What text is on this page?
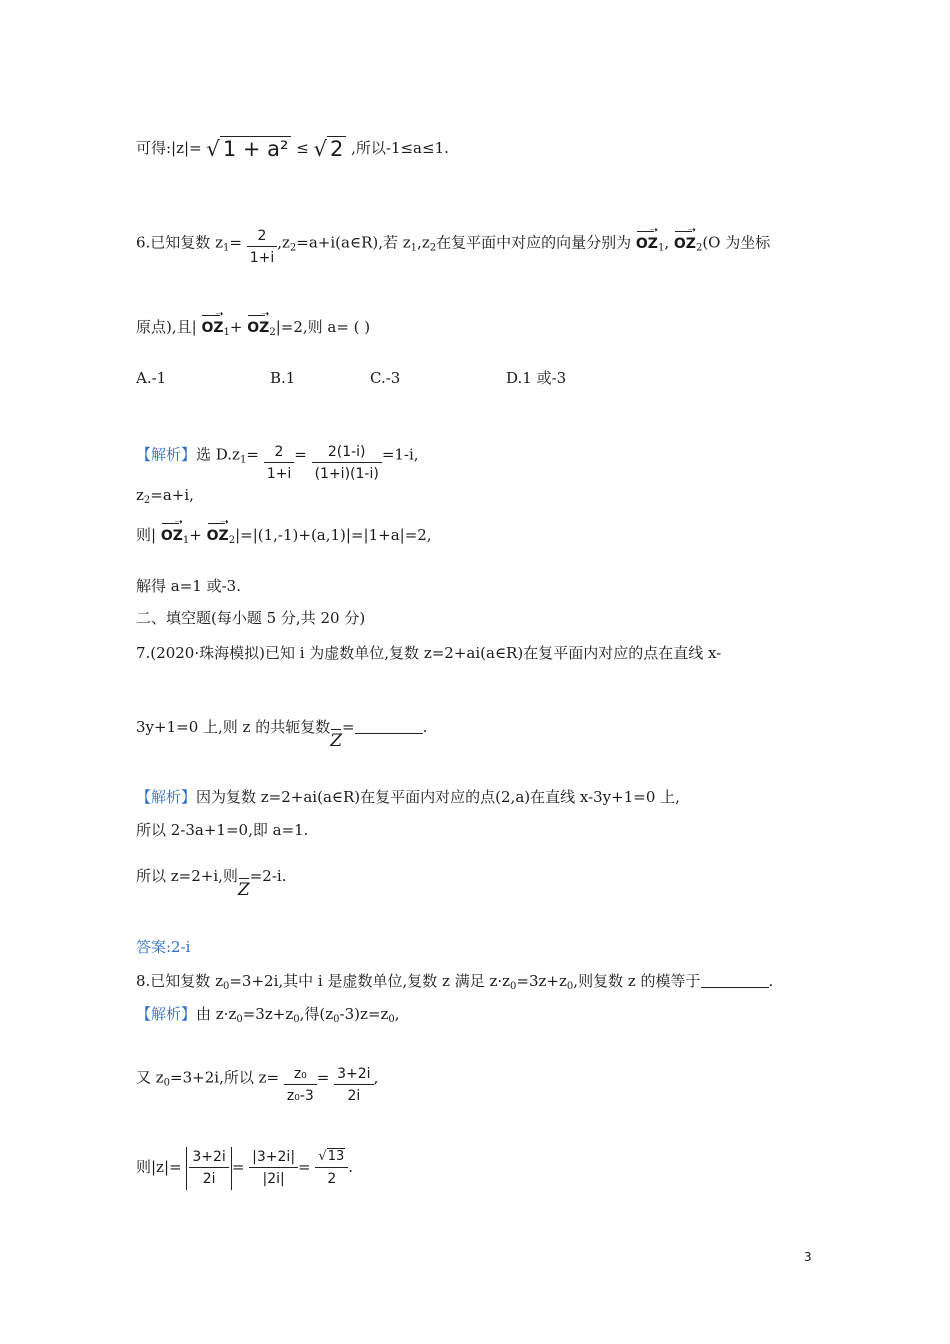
可得:|z|= √ 1 + a² ≤ √ 2 ,所以-1≤a≤1.
6.已知复数 $z_1= \frac{2}{1+i}$ $,z_2=a+i(a\in R)$,若 $z_1,z_2$在复平面中对应的向量分别为
➝
$OZ_1$,
➝
$OZ_2(O$ 为坐标
原点),且|
➝
$OZ_1+$
➝
$OZ_2|=2$,则 a= ( )
A.-1	B.1	C.-3	D.1 或-3
【解析】选 $D.z_1= \frac{2}{1+i} = \frac{2(1-i)}{(1+i)(1-i)} =1-i$,
$z_2=a+i$,
则|
➝
$OZ_1+$
➝
$OZ_2|=|(1,-1)+(a,1)|=|1+a|=2$,
解得 a=1 或-3.
二、填空题(每小题 5 分,共 20 分)
7.(2020·珠海模拟)已知 i 为虚数单位,复数 z=2+ai(a∈R)在复平面内对应的点在直线 x-
3y+1=0 上,则 z 的共轭复数Z=	.
【解析】因为复数 z=2+ai(a∈R)在复平面内对应的点(2,a)在直线 x-3y+1=0 上,
所以 2-3a+1=0,即 a=1.
所以 z=2+i,则Z=2-i.
答案:2-i
8.已知复数 $z_0=3+2i$,其中 i 是虚数单位,复数 z 满足 $z\cdot z_0=3z+z_0$,则复数 z 的模等于	.
【解析】由 $z\cdot z_0=3z+z_0$,得$(z_0-3)z=z_0$,
又 $z_0=3+2i$,所以 $z= \frac{\text{z₀}}{\text{z₀-3}} = \frac{3+2i}{2i}$ ,
则$|z|= \frac{3+2i}{2i} = \frac{|3+2i|}{|2i|} = \frac{√13}{2}$ .
3
